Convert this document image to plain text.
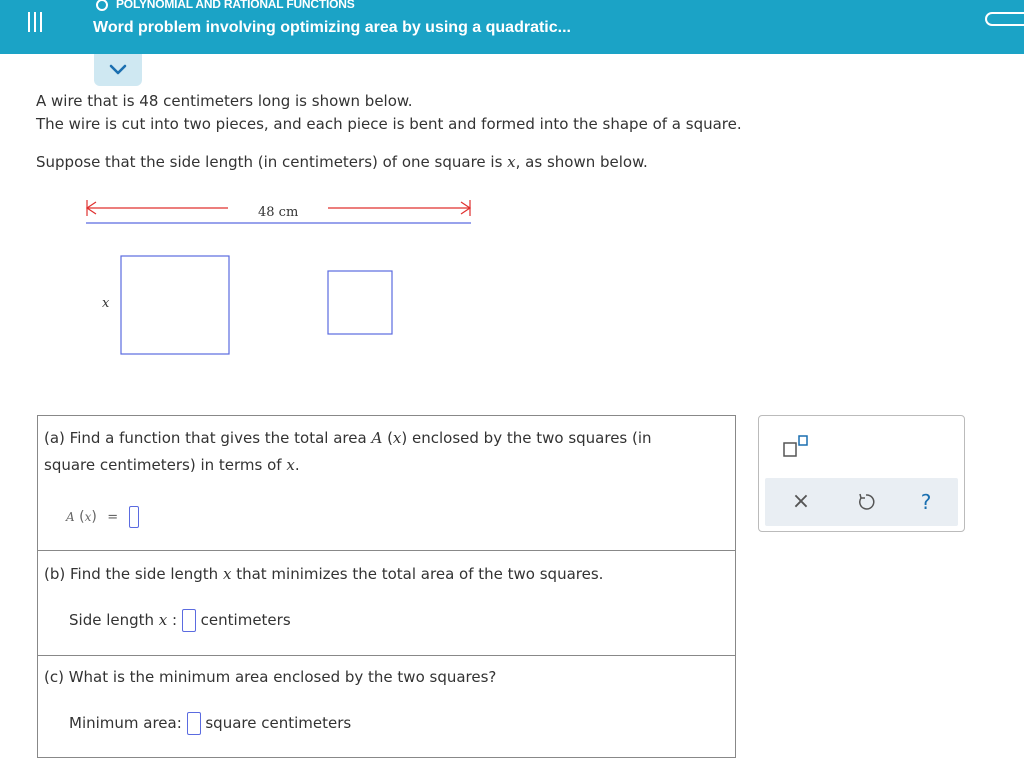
POLYNOMIAL AND RATIONAL FUNCTIONS
Word problem involving optimizing area by using a quadratic...
A wire that is 48 centimeters long is shown below.
The wire is cut into two pieces, and each piece is bent and formed into the shape of a square.
Suppose that the side length (in centimeters) of one square is x, as shown below.
48 cm
x
(a) Find a function that gives the total area A (x) enclosed by the two squares (in
square centimeters) in terms of x.
A (x) =
(b) Find the side length x that minimizes the total area of the two squares.
Side length x : centimeters
(c) What is the minimum area enclosed by the two squares?
Minimum area: square centimeters
×	?
